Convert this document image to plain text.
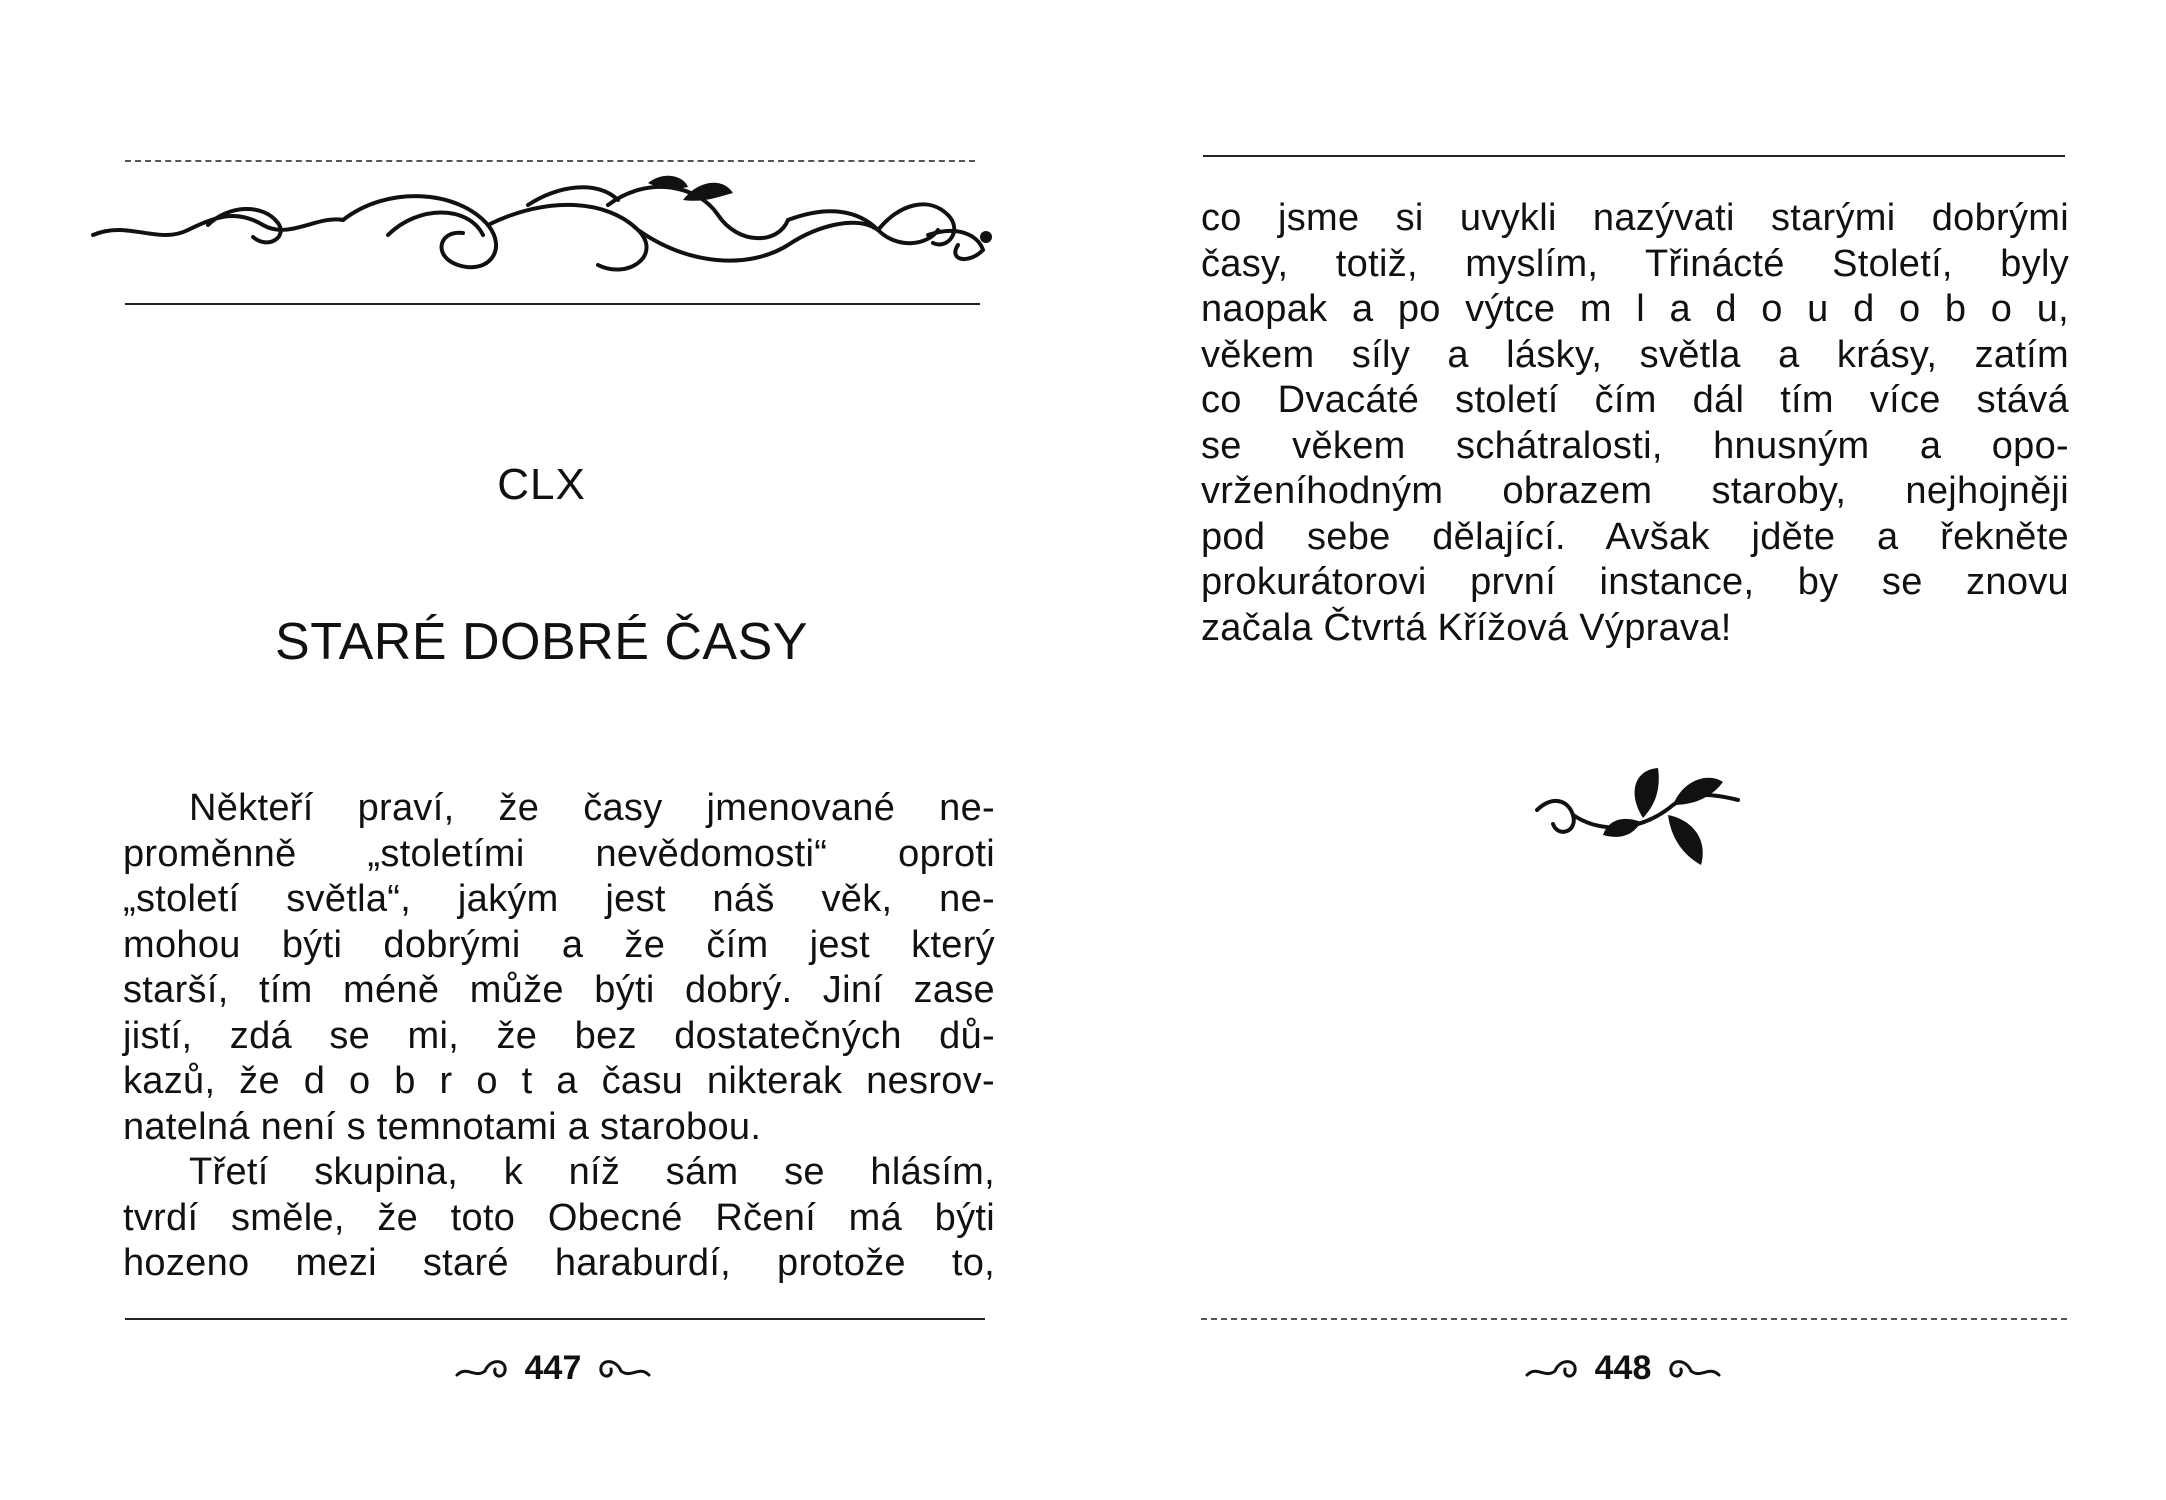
CLX
STARÉ DOBRÉ ČASY
Někteří praví, že časy jmenované ne-
proměnně „stoletími nevědomosti“ oproti
„století světla“, jakým jest náš věk, ne-
mohou býti dobrými a že čím jest který
starší, tím méně může býti dobrý. Jiní zase
jistí, zdá se mi, že bez dostatečných dů-
kazů, že d o b r o t a času nikterak nesrov-
natelná není s temnotami a starobou.
Třetí skupina, k níž sám se hlásím,
tvrdí směle, že toto Obecné Rčení má býti
hozeno mezi staré haraburdí, protože to,
447	448
co jsme si uvykli nazývati starými dobrými
časy, totiž, myslím, Třinácté Století, byly
naopak a po výtce m l a d o u d o b o u,
věkem síly a lásky, světla a krásy, zatím
co Dvacáté století čím dál tím více stává
se věkem schátralosti, hnusným a opo-
vrženíhodným obrazem staroby, nejhojněji
pod sebe dělající. Avšak jděte a řekněte
prokurátorovi první instance, by se znovu
začala Čtvrtá Křížová Výprava!
